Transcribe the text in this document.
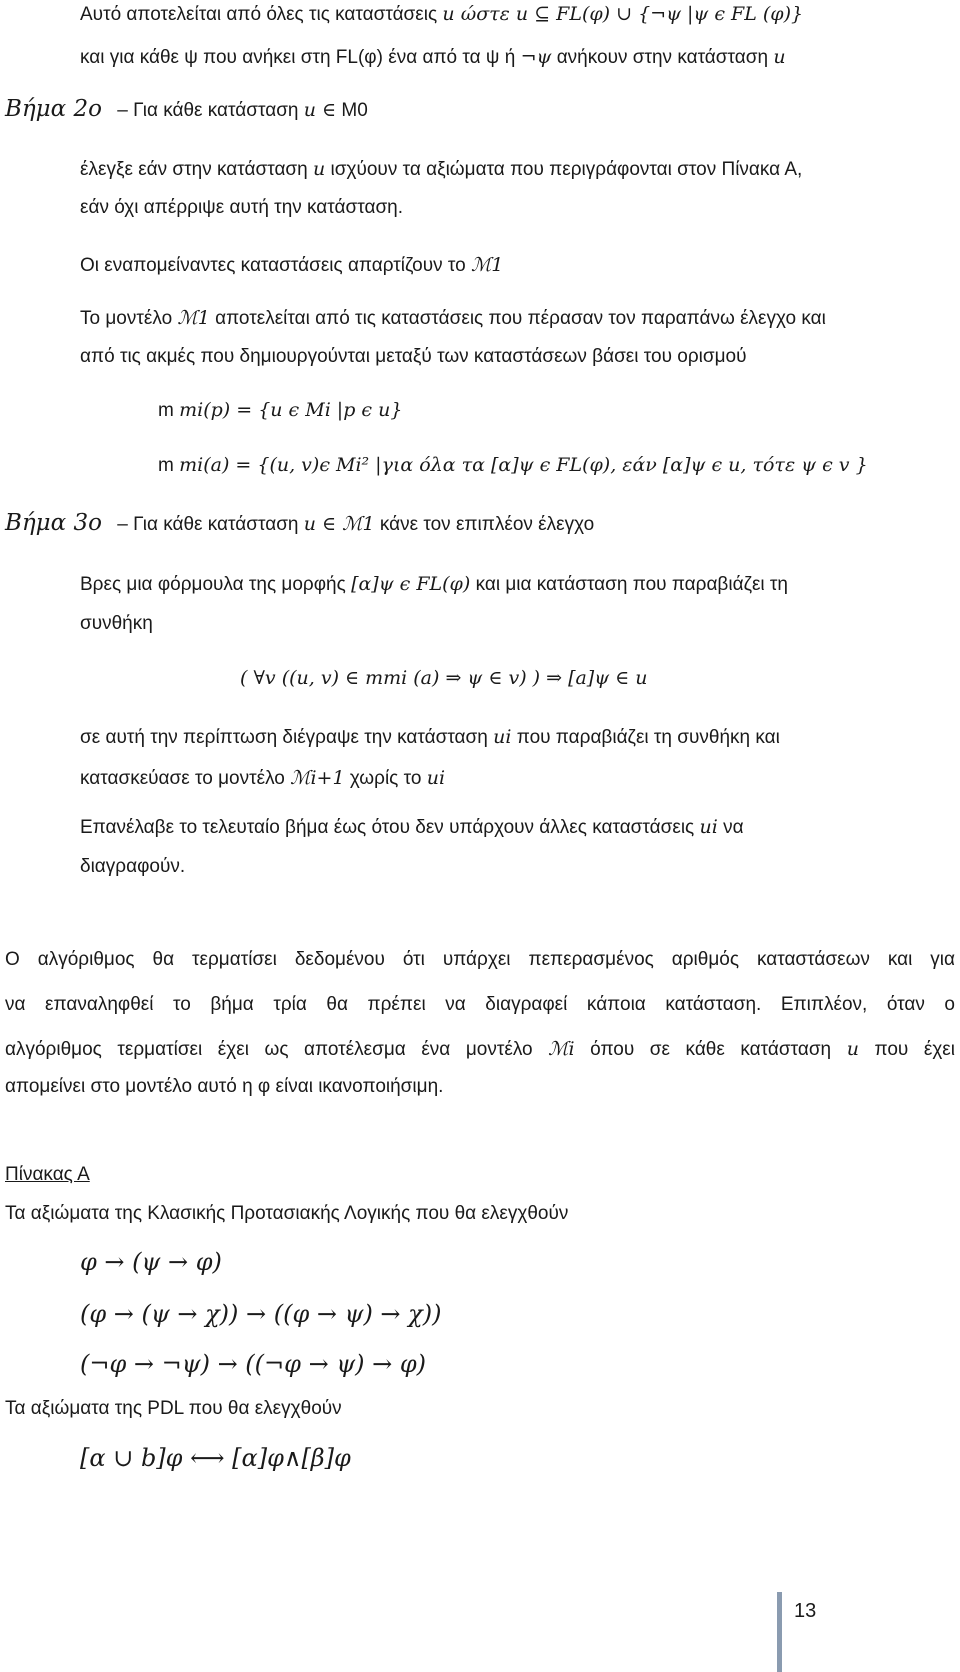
Αυτό αποτελείται από όλες τις καταστάσεις u ώστε u ⊆ FL(φ) ∪ {¬ψ |ψ ϵ FL (φ)}
και για κάθε ψ που ανήκει στη FL(φ) ένα από τα ψ ή ¬ψ ανήκουν στην κατάσταση u
Βήμα 2ο – Για κάθε κατάσταση u ∈ M0
έλεγξε εάν στην κατάσταση u ισχύουν τα αξιώματα που περιγράφονται στον Πίνακα Α,
εάν όχι απέρριψε αυτή την κατάσταση.
Οι εναπομείναντες καταστάσεις απαρτίζουν το ℳ1
Το μοντέλο ℳ1 αποτελείται από τις καταστάσεις που πέρασαν τον παραπάνω έλεγχο και
από τις ακμές που δημιουργούνται μεταξύ των καταστάσεων βάσει του ορισμού
m mi(p) = {u ϵ Mi |p ϵ u}
m mi(a) = {(u, v)ϵ Mi² |για όλα τα [α]ψ ϵ FL(φ), εάν [α]ψ ϵ u, τότε ψ ϵ v }
Βήμα 3ο – Για κάθε κατάσταση u ∈ ℳ1 κάνε τον επιπλέον έλεγχο
Βρες μια φόρμουλα της μορφής [α]ψ ϵ FL(φ) και μια κατάσταση που παραβιάζει τη
συνθήκη
( ∀v ((u, v) ∈ mmi (a) ⇒ ψ ∈ v) ) ⇒ [a]ψ ∈ u
σε αυτή την περίπτωση διέγραψε την κατάσταση ui που παραβιάζει τη συνθήκη και
κατασκεύασε το μοντέλο ℳi+1 χωρίς το ui
Επανέλαβε το τελευταίο βήμα έως ότου δεν υπάρχουν άλλες καταστάσεις ui να
διαγραφούν.
Ο αλγόριθμος θα τερματίσει δεδομένου ότι υπάρχει πεπερασμένος αριθμός καταστάσεων και για
να επαναληφθεί το βήμα τρία θα πρέπει να διαγραφεί κάποια κατάσταση. Επιπλέον, όταν ο
αλγόριθμος τερματίσει έχει ως αποτέλεσμα ένα μοντέλο ℳi όπου σε κάθε κατάσταση u που έχει
απομείνει στο μοντέλο αυτό η φ είναι ικανοποιήσιμη.
Πίνακας Α
Τα αξιώματα της Κλασικής Προτασιακής Λογικής που θα ελεγχθούν
φ → (ψ → φ)
(φ → (ψ → χ)) → ((φ → ψ) → χ))
(¬φ → ¬ψ) → ((¬φ → ψ) → φ)
Τα αξιώματα της PDL που θα ελεγχθούν
[α ∪ b]φ ⟷ [α]φ∧[β]φ
13
